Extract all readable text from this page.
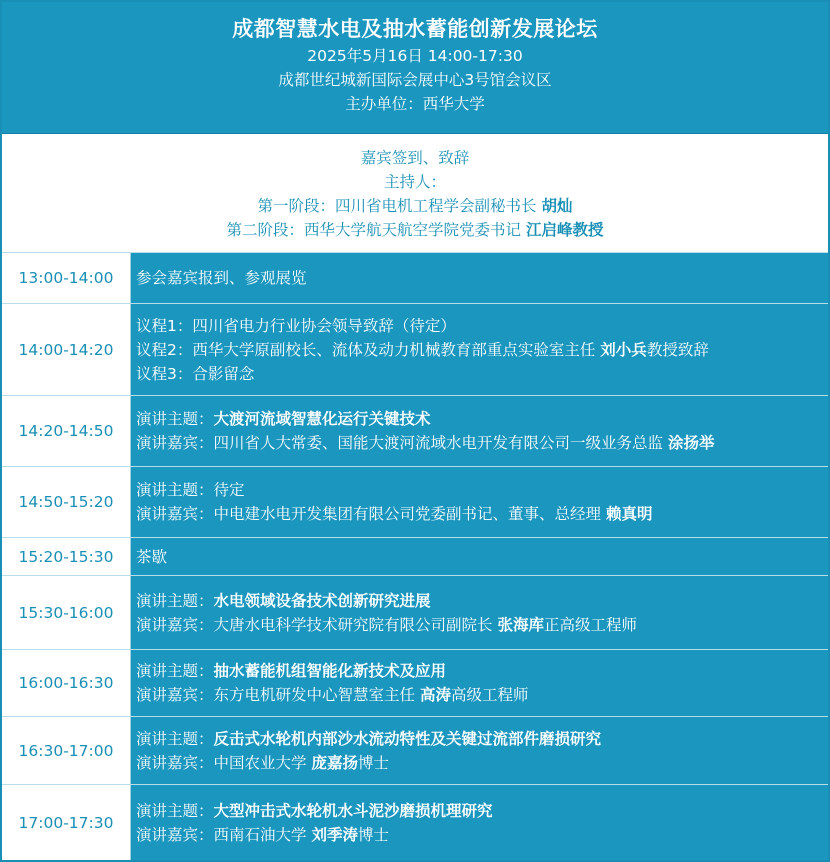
成都智慧水电及抽水蓄能创新发展论坛
2025年5月16日 14:00-17:30
成都世纪城新国际会展中心3号馆会议区
主办单位：西华大学
嘉宾签到、致辞
主持人：
第一阶段：四川省电机工程学会副秘书长 胡灿
第二阶段：西华大学航天航空学院党委书记 江启峰教授
13:00-14:00	参会嘉宾报到、参观展览
14:00-14:20
议程1：四川省电力行业协会领导致辞（待定）
议程2：西华大学原副校长、流体及动力机械教育部重点实验室主任 刘小兵教授致辞
议程3：合影留念
14:20-14:50
演讲主题：大渡河流域智慧化运行关键技术
演讲嘉宾：四川省人大常委、国能大渡河流域水电开发有限公司一级业务总监 涂扬举
14:50-15:20
演讲主题：待定
演讲嘉宾：中电建水电开发集团有限公司党委副书记、董事、总经理 赖真明
15:20-15:30	茶歇
15:30-16:00
演讲主题：水电领域设备技术创新研究进展
演讲嘉宾：大唐水电科学技术研究院有限公司副院长 张海库正高级工程师
16:00-16:30
演讲主题：抽水蓄能机组智能化新技术及应用
演讲嘉宾：东方电机研发中心智慧室主任 高涛高级工程师
16:30-17:00
演讲主题：反击式水轮机内部沙水流动特性及关键过流部件磨损研究
演讲嘉宾：中国农业大学 庞嘉扬博士
17:00-17:30
演讲主题：大型冲击式水轮机水斗泥沙磨损机理研究
演讲嘉宾：西南石油大学 刘季涛博士
